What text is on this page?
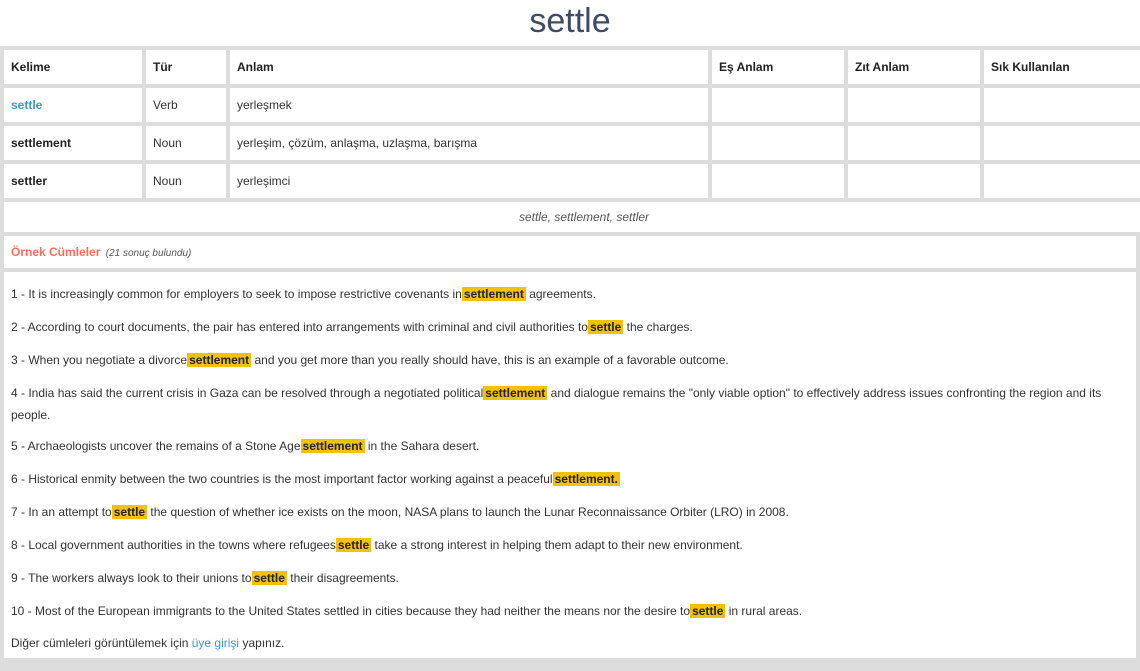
settle
Kelime	Tür	Anlam	Eş Anlam	Zıt Anlam	Sık Kullanılan
settle	Verb	yerleşmek			
settlement	Noun	yerleşim, çözüm, anlaşma, uzlaşma, barışma			
settler	Noun	yerleşimci			
settle, settlement, settler					
Örnek Cümleler (21 sonuç bulundu)

1 - It is increasingly common for employers to seek to impose restrictive covenants in settlement agreements.

2 - According to court documents, the pair has entered into arrangements with criminal and civil authorities to settle the charges.

3 - When you negotiate a divorce settlement and you get more than you really should have, this is an example of a favorable outcome.

4 - India has said the current crisis in Gaza can be resolved through a negotiated political settlement and dialogue remains the "only viable option" to effectively address issues confronting the region and its people.

5 - Archaeologists uncover the remains of a Stone Age settlement in the Sahara desert.

6 - Historical enmity between the two countries is the most important factor working against a peaceful settlement.

7 - In an attempt to settle the question of whether ice exists on the moon, NASA plans to launch the Lunar Reconnaissance Orbiter (LRO) in 2008.

8 - Local government authorities in the towns where refugees settle take a strong interest in helping them adapt to their new environment.

9 - The workers always look to their unions to settle their disagreements.

10 - Most of the European immigrants to the United States settled in cities because they had neither the means nor the desire to settle in rural areas.

Diğer cümleleri görüntülemek için üye girişi yapınız.
